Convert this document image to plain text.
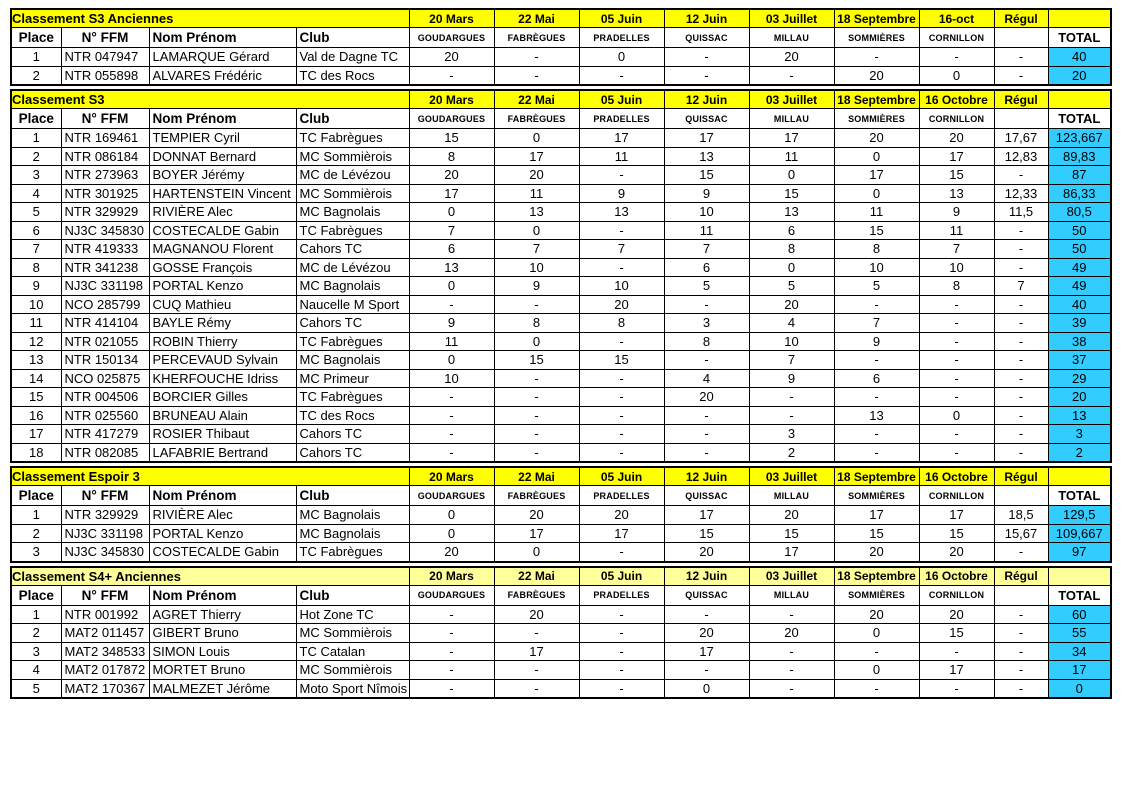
Classement S3 Anciennes				20 Mars	22 Mai	05 Juin	12 Juin	03 Juillet	18 Septembre	16-oct	Régul	
Place	N° FFM	Nom Prénom	Club	GOUDARGUES	FABRÈGUES	PRADELLES	QUISSAC	MILLAU	SOMMIÈRES	CORNILLON		TOTAL
1	NTR 047947	LAMARQUE Gérard	Val de Dagne TC	20	-	0	-	20	-	-	-	40
2	NTR 055898	ALVARES Frédéric	TC des Rocs	-	-	-	-	-	20	0	-	20
Classement S3				20 Mars	22 Mai	05 Juin	12 Juin	03 Juillet	18 Septembre	16 Octobre	Régul	
Place	N° FFM	Nom Prénom	Club	GOUDARGUES	FABRÈGUES	PRADELLES	QUISSAC	MILLAU	SOMMIÈRES	CORNILLON		TOTAL
1	NTR 169461	TEMPIER Cyril	TC Fabrègues	15	0	17	17	17	20	20	17,67	123,667
2	NTR 086184	DONNAT Bernard	MC Sommièrois	8	17	11	13	11	0	17	12,83	89,83
3	NTR 273963	BOYER Jérémy	MC de Lévézou	20	20	-	15	0	17	15	-	87
4	NTR 301925	HARTENSTEIN Vincent	MC Sommièrois	17	11	9	9	15	0	13	12,33	86,33
5	NTR 329929	RIVIÈRE Alec	MC Bagnolais	0	13	13	10	13	11	9	11,5	80,5
6	NJ3C 345830	COSTECALDE Gabin	TC Fabrègues	7	0	-	11	6	15	11	-	50
7	NTR 419333	MAGNANOU Florent	Cahors TC	6	7	7	7	8	8	7	-	50
8	NTR 341238	GOSSE François	MC de Lévézou	13	10	-	6	0	10	10	-	49
9	NJ3C 331198	PORTAL Kenzo	MC Bagnolais	0	9	10	5	5	5	8	7	49
10	NCO 285799	CUQ Mathieu	Naucelle M Sport	-	-	20	-	20	-	-	-	40
11	NTR 414104	BAYLE Rémy	Cahors TC	9	8	8	3	4	7	-	-	39
12	NTR 021055	ROBIN Thierry	TC Fabrègues	11	0	-	8	10	9	-	-	38
13	NTR 150134	PERCEVAUD Sylvain	MC Bagnolais	0	15	15	-	7	-	-	-	37
14	NCO 025875	KHERFOUCHE Idriss	MC Primeur	10	-	-	4	9	6	-	-	29
15	NTR 004506	BORCIER Gilles	TC Fabrègues	-	-	-	20	-	-	-	-	20
16	NTR 025560	BRUNEAU Alain	TC des Rocs	-	-	-	-	-	13	0	-	13
17	NTR 417279	ROSIER Thibaut	Cahors TC	-	-	-	-	3	-	-	-	3
18	NTR 082085	LAFABRIE Bertrand	Cahors TC	-	-	-	-	2	-	-	-	2
Classement Espoir 3				20 Mars	22 Mai	05 Juin	12 Juin	03 Juillet	18 Septembre	16 Octobre	Régul	
Place	N° FFM	Nom Prénom	Club	GOUDARGUES	FABRÈGUES	PRADELLES	QUISSAC	MILLAU	SOMMIÈRES	CORNILLON		TOTAL
1	NTR 329929	RIVIÈRE Alec	MC Bagnolais	0	20	20	17	20	17	17	18,5	129,5
2	NJ3C 331198	PORTAL Kenzo	MC Bagnolais	0	17	17	15	15	15	15	15,67	109,667
3	NJ3C 345830	COSTECALDE Gabin	TC Fabrègues	20	0	-	20	17	20	20	-	97
Classement S4+ Anciennes				20 Mars	22 Mai	05 Juin	12 Juin	03 Juillet	18 Septembre	16 Octobre	Régul	
Place	N° FFM	Nom Prénom	Club	GOUDARGUES	FABRÈGUES	PRADELLES	QUISSAC	MILLAU	SOMMIÈRES	CORNILLON		TOTAL
1	NTR 001992	AGRET Thierry	Hot Zone TC	-	20	-	-	-	20	20	-	60
2	MAT2 011457	GIBERT Bruno	MC Sommièrois	-	-	-	20	20	0	15	-	55
3	MAT2 348533	SIMON Louis	TC Catalan	-	17	-	17	-	-	-	-	34
4	MAT2 017872	MORTET Bruno	MC Sommièrois	-	-	-	-	-	0	17	-	17
5	MAT2 170367	MALMEZET Jérôme	Moto Sport Nîmois	-	-	-	0	-	-	-	-	0
